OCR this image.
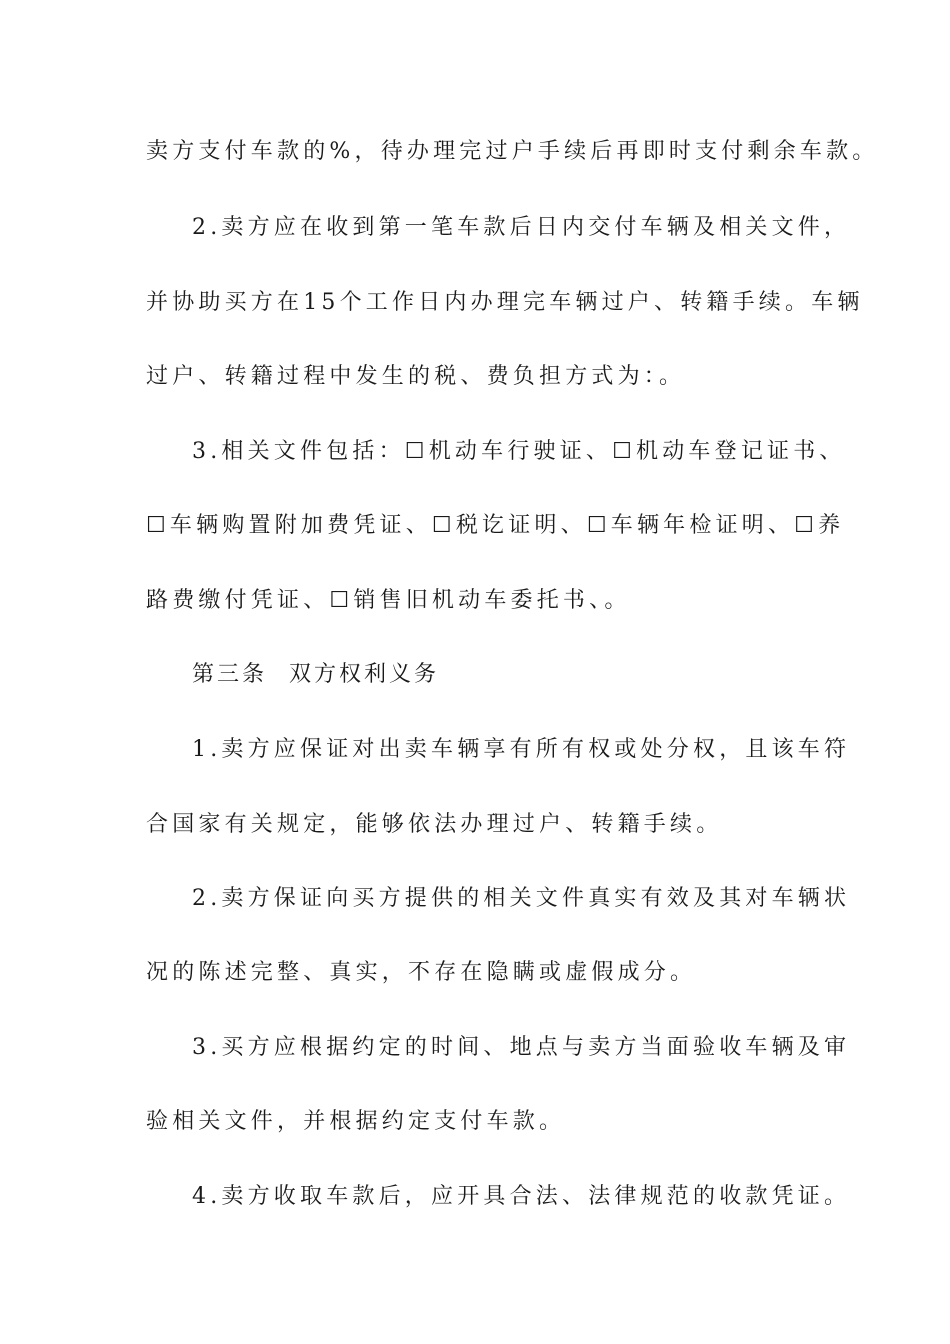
卖方支付车款的%，待办理完过户手续后再即时支付剩余车款。
2.卖方应在收到第一笔车款后日内交付车辆及相关文件，
并协助买方在15个工作日内办理完车辆过户、转籍手续。车辆
过户、转籍过程中发生的税、费负担方式为：。
3.相关文件包括：☐机动车行驶证、☐机动车登记证书、
☐车辆购置附加费凭证、☐税讫证明、☐车辆年检证明、☐养
路费缴付凭证、☐销售旧机动车委托书、。
第三条 双方权利义务
1.卖方应保证对出卖车辆享有所有权或处分权，且该车符
合国家有关规定，能够依法办理过户、转籍手续。
2.卖方保证向买方提供的相关文件真实有效及其对车辆状
况的陈述完整、真实，不存在隐瞒或虚假成分。
3.买方应根据约定的时间、地点与卖方当面验收车辆及审
验相关文件，并根据约定支付车款。
4.卖方收取车款后，应开具合法、法律规范的收款凭证。
